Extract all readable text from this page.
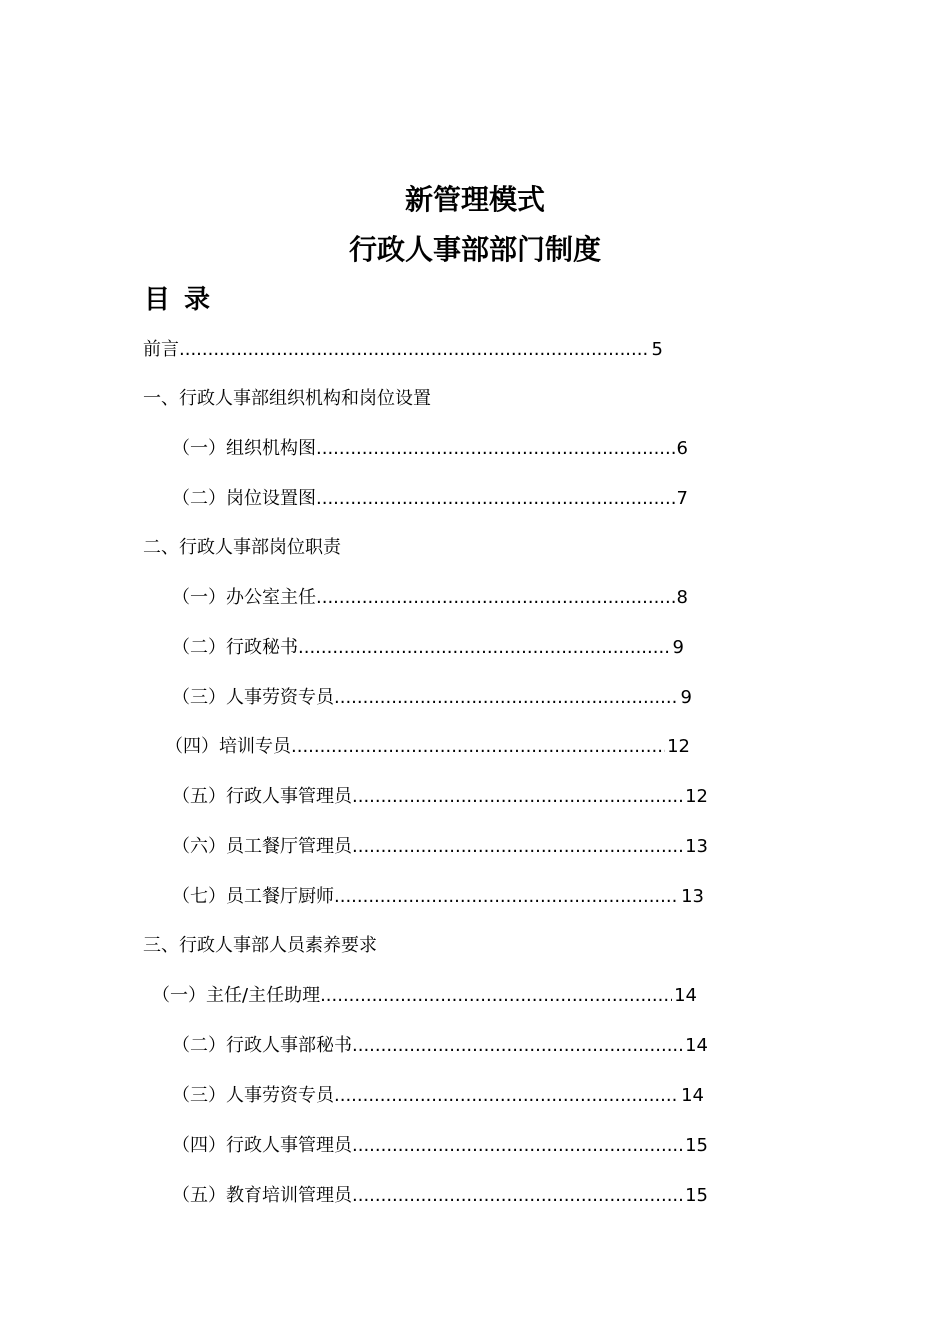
新管理模式
行政人事部部门制度
目录
前言 .....	5
一、行政人事部组织机构和岗位设置
（一）组织机构图 .....	6
（二）岗位设置图 .....	7
二、行政人事部岗位职责
（一）办公室主任 .....	8
（二）行政秘书 .....	9
（三）人事劳资专员 .....	9
（四）培训专员 .....	12
（五）行政人事管理员 .....	12
（六）员工餐厅管理员 .....	13
（七）员工餐厅厨师 .....	13
三、行政人事部人员素养要求
（一）主任/主任助理 .....	14
（二）行政人事部秘书 .....	14
（三）人事劳资专员 .....	14
（四）行政人事管理员 .....	15
（五）教育培训管理员 .....	15
